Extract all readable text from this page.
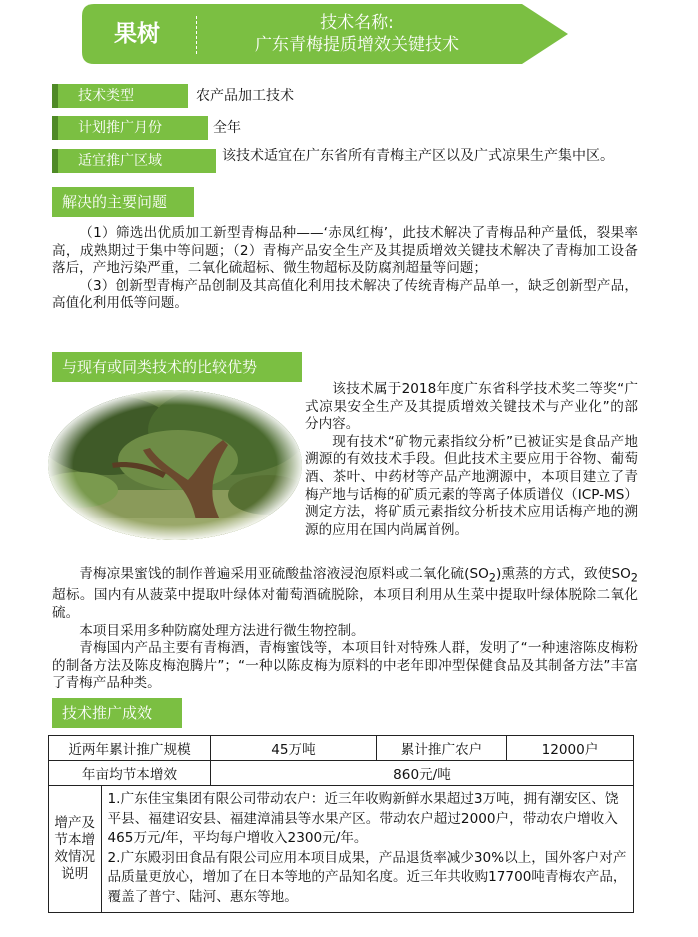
果树	技术名称:
广东青梅提质增效关键技术
技术类型	农产品加工技术
计划推广月份	全年
适宜推广区域	该技术适宜在广东省所有青梅主产区以及广式凉果生产集中区。
解决的主要问题

（1）筛选出优质加工新型青梅品种——‘赤凤红梅’，此技术解决了青梅品种产量低，裂果率高，成熟期过于集中等问题；（2）青梅产品安全生产及其提质增效关键技术解决了青梅加工设备落后，产地污染严重，二氧化硫超标、微生物超标及防腐剂超量等问题；

（3）创新型青梅产品创制及其高值化利用技术解决了传统青梅产品单一，缺乏创新型产品，高值化利用低等问题。

与现有或同类技术的比较优势

该技术属于2018年度广东省科学技术奖二等奖“广式凉果安全生产及其提质增效关键技术与产业化”的部分内容。

现有技术“矿物元素指纹分析”已被证实是食品产地溯源的有效技术手段。但此技术主要应用于谷物、葡萄酒、茶叶、中药材等产品产地溯源中，本项目建立了青梅产地与话梅的矿质元素的等离子体质谱仪（ICP-MS）测定方法，将矿质元素指纹分析技术应用话梅产地的溯源的应用在国内尚属首例。

青梅凉果蜜饯的制作普遍采用亚硫酸盐溶液浸泡原料或二氧化硫$(SO_2)$熏蒸的方式，致使$SO_2$超标。国内有从菠菜中提取叶绿体对葡萄酒硫脱除，本项目利用从生菜中提取叶绿体脱除二氧化硫。

本项目采用多种防腐处理方法进行微生物控制。

青梅国内产品主要有青梅酒，青梅蜜饯等，本项目针对特殊人群，发明了“一种速溶陈皮梅粉的制备方法及陈皮梅泡腾片”；“一种以陈皮梅为原料的中老年即冲型保健食品及其制备方法”丰富了青梅产品种类。

技术推广成效
近两年累计推广规模	45万吨	累计推广农户	12000户
年亩均节本增效	860元/吨

增产及节本增效情况说明	
1.广东佳宝集团有限公司带动农户：近三年收购新鲜水果超过3万吨，拥有潮安区、饶平县、福建诏安县、福建漳浦县等水果产区。带动农户超过2000户，带动农户增收入465万元/年，平均每户增收入2300元/年。
2.广东殿羽田食品有限公司应用本项目成果，产品退货率减少30%以上，国外客户对产品质量更放心，增加了在日本等地的产品知名度。近三年共收购17700吨青梅农产品，覆盖了普宁、陆河、惠东等地。
